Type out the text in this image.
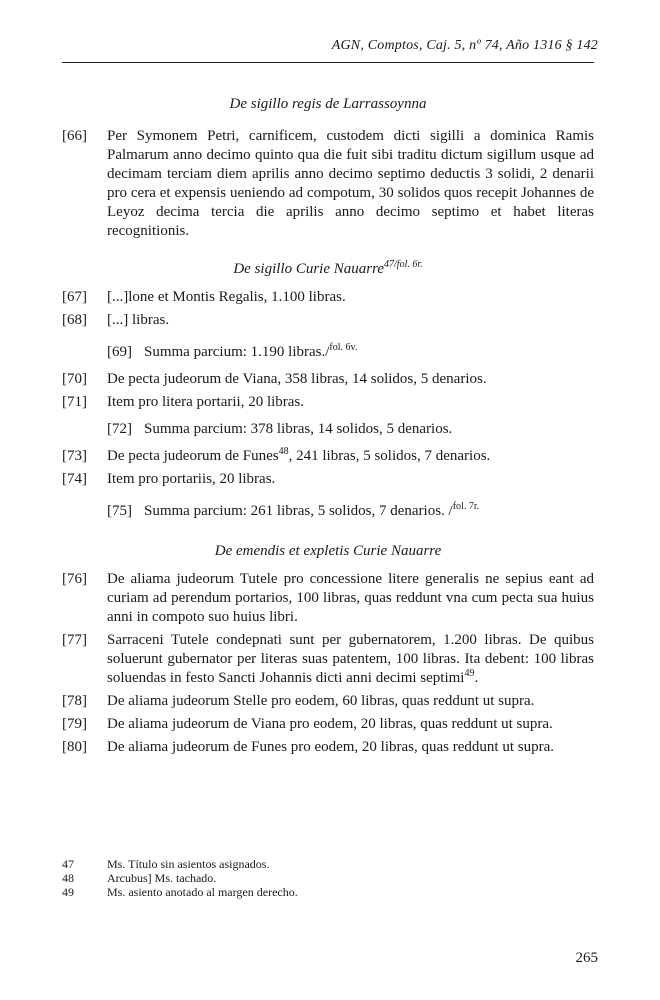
AGN, Comptos, Caj. 5, nº 74, Año 1316 § 142

De sigillo regis de Larrassoynna

[66] Per Symonem Petri, carnificem, custodem dicti sigilli a dominica Ramis Palmarum anno decimo quinto qua die fuit sibi traditu dictum sigillum usque ad decimam terciam diem aprilis anno decimo septimo deductis 3 solidi, 2 denarii pro cera et expensis ueniendo ad compotum, 30 solidos quos recepit Johannes de Leyoz decima tercia die aprilis anno decimo septimo et habet literas recognitionis.

De sigillo Curie Nauarre$^{47/fol. 6r.}$

[67] [...]lone et Montis Regalis, 1.100 libras.
[68] [...] libras.
[69] Summa parcium: 1.190 libras./$^{fol. 6v.}$
[70] De pecta judeorum de Viana, 358 libras, 14 solidos, 5 denarios.
[71] Item pro litera portarii, 20 libras.
[72] Summa parcium: 378 libras, 14 solidos, 5 denarios.
[73] De pecta judeorum de Funes$^{48}$, 241 libras, 5 solidos, 7 denarios.
[74] Item pro portariis, 20 libras.
[75] Summa parcium: 261 libras, 5 solidos, 7 denarios. /$^{fol. 7r.}$

De emendis et expletis Curie Nauarre

[76] De aliama judeorum Tutele pro concessione litere generalis ne sepius eant ad curiam ad perendum portarios, 100 libras, quas reddunt vna cum pecta sua huius anni in compoto suo huius libri.
[77] Sarraceni Tutele condepnati sunt per gubernatorem, 1.200 libras. De quibus soluerunt gubernator per literas suas patentem, 100 libras. Ita debent: 100 libras soluendas in festo Sancti Johannis dicti anni decimi septimi$^{49}$.
[78] De aliama judeorum Stelle pro eodem, 60 libras, quas reddunt ut supra.
[79] De aliama judeorum de Viana pro eodem, 20 libras, quas reddunt ut supra.
[80] De aliama judeorum de Funes pro eodem, 20 libras, quas reddunt ut supra.
47	Ms. Título sin asientos asignados.
48	Arcubus] Ms. tachado.
49	Ms. asiento anotado al margen derecho.
265
